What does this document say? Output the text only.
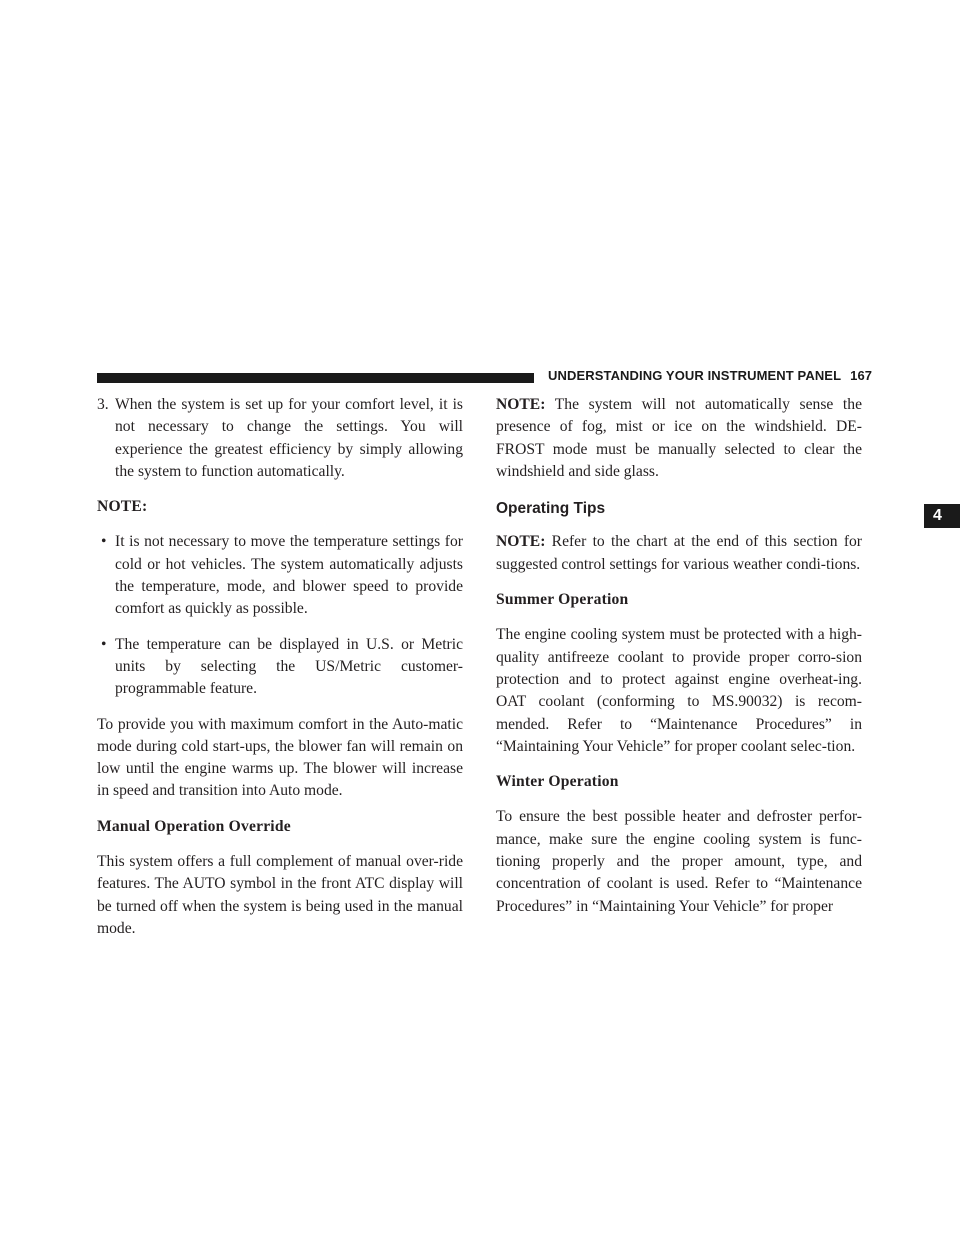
UNDERSTANDING YOUR INSTRUMENT PANEL 167
4
3. When the system is set up for your comfort level, it is not necessary to change the settings. You will experience the greatest efficiency by simply allowing the system to function automatically.

NOTE:

• It is not necessary to move the temperature settings for cold or hot vehicles. The system automatically adjusts the temperature, mode, and blower speed to provide comfort as quickly as possible.
• The temperature can be displayed in U.S. or Metric units by selecting the US/Metric customer-programmable feature.

To provide you with maximum comfort in the Auto-matic mode during cold start-ups, the blower fan will remain on low until the engine warms up. The blower will increase in speed and transition into Auto mode.

Manual Operation Override

This system offers a full complement of manual over-ride features. The AUTO symbol in the front ATC display will be turned off when the system is being used in the manual mode.

NOTE: The system will not automatically sense the presence of fog, mist or ice on the windshield. DE-FROST mode must be manually selected to clear the windshield and side glass.

Operating Tips

NOTE: Refer to the chart at the end of this section for suggested control settings for various weather condi-tions.

Summer Operation

The engine cooling system must be protected with a high-quality antifreeze coolant to provide proper corro-sion protection and to protect against engine overheat-ing. OAT coolant (conforming to MS.90032) is recom-mended. Refer to “Maintenance Procedures” in “Maintaining Your Vehicle” for proper coolant selec-tion.

Winter Operation

To ensure the best possible heater and defroster perfor-mance, make sure the engine cooling system is func-tioning properly and the proper amount, type, and concentration of coolant is used. Refer to “Maintenance Procedures” in “Maintaining Your Vehicle” for proper
